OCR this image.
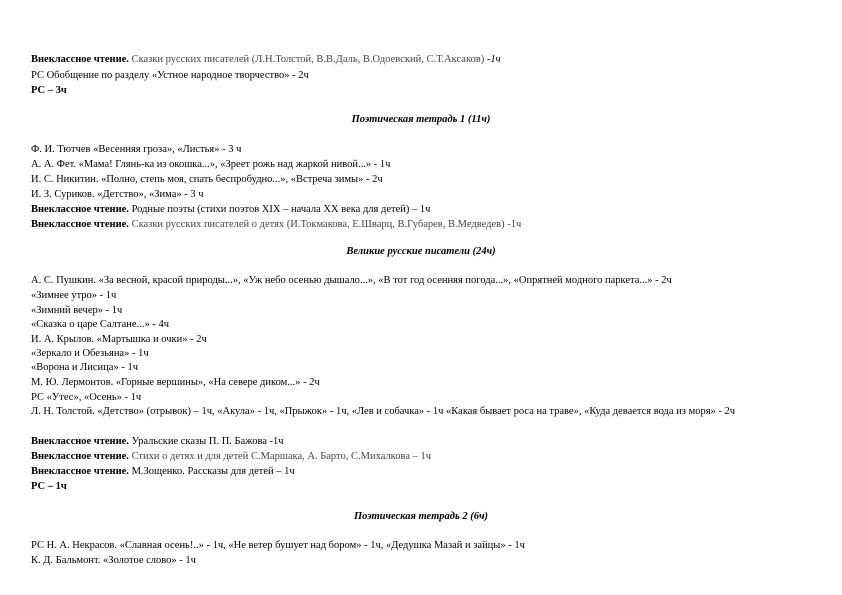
Внеклассное чтение. Сказки русских писателей (Л.Н.Толстой, В.В.Даль, В.Одоевский, С.Т.Аксаков) -1ч
РС Обобщение по разделу «Устное народное творчество» - 2ч
РС – 3ч
Поэтическая тетрадь 1 (11ч)
Ф. И. Тютчев «Весенняя гроза», «Листья» - 3 ч
А. А. Фет. «Мама! Глянь-ка из окошка...», «Зреет рожь над жаркой нивой...» - 1ч
И. С. Никитин. «Полно, степь моя, спать беспробудно...», «Встреча зимы» - 2ч
И. З. Суриков. «Детство», «Зима» - 3 ч
Внеклассное чтение. Родные поэты (стихи поэтов XIX – начала XX века для детей) – 1ч
Внеклассное чтение. Сказки русских писателей о детях (И.Токмакова, Е.Шварц, В.Губарев, В.Медведев) -1ч
Великие русские писатели (24ч)
А. С. Пушкин. «За весной, красой природы...», «Уж небо осенью дышало...», «В тот год осенняя погода...», «Опрятней модного паркета...» - 2ч
«Зимнее утро» - 1ч
«Зимний вечер» - 1ч
«Сказка о царе Салтане...» - 4ч
И. А. Крылов. «Мартышка и очки» - 2ч
«Зеркало и Обезьяна» - 1ч
«Ворона и Лисица» - 1ч
М. Ю. Лермонтов. «Горные вершины», «На севере диком...» - 2ч
РС «Утес», «Осень» - 1ч
Л. Н. Толстой. «Детство» (отрывок) – 1ч, «Акула» - 1ч, «Прыжок» - 1ч, «Лев и собачка» - 1ч «Какая бывает роса на траве», «Куда девается вода из моря» - 2ч
Внеклассное чтение. Уральские сказы П. П. Бажова -1ч
Внеклассное чтение. Стихи о детях и для детей С.Маршака, А. Барто, С.Михалкова – 1ч
Внеклассное чтение. М.Зощенко. Рассказы для детей – 1ч
РС – 1ч
Поэтическая тетрадь 2 (6ч)
РС Н. А. Некрасов. «Славная осень!..» - 1ч, «Не ветер бушует над бором» - 1ч, «Дедушка Мазай и зайцы» - 1ч
К. Д. Бальмонт. «Золотое слово» - 1ч
